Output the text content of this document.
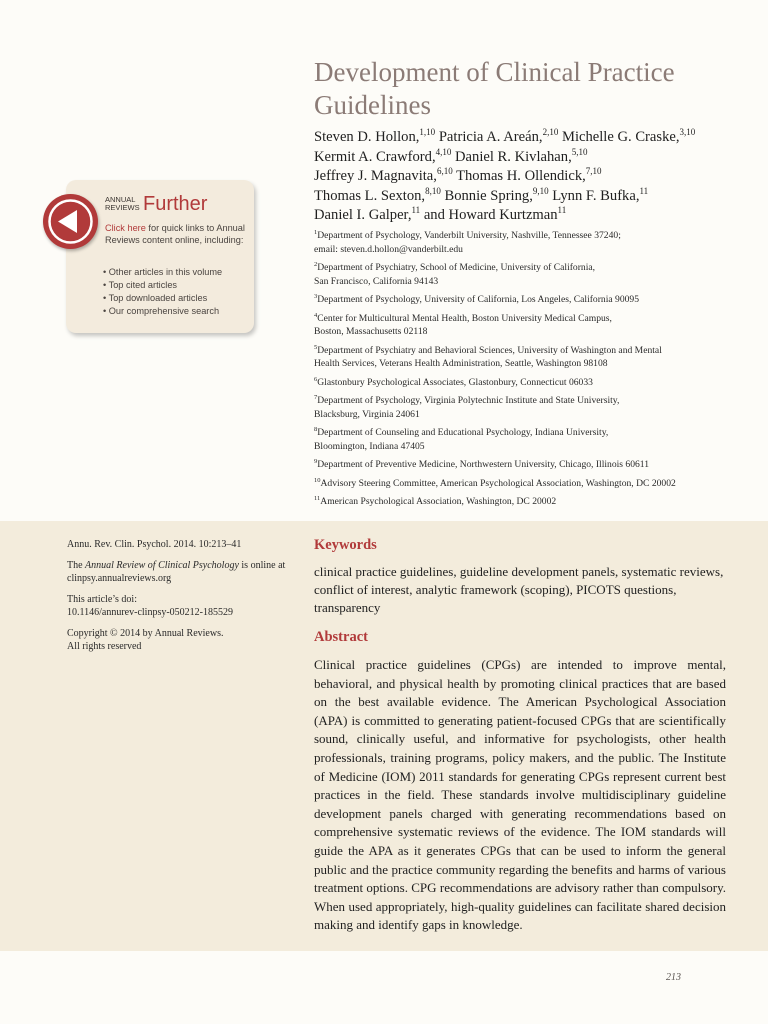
Development of Clinical Practice Guidelines
Steven D. Hollon,$^{1,10}$ Patricia A. Areán,$^{2,10}$ Michelle G. Craske,$^{3,10}$
Kermit A. Crawford,$^{4,10}$ Daniel R. Kivlahan,$^{5,10}$
Jeffrey J. Magnavita,$^{6,10}$ Thomas H. Ollendick,$^{7,10}$
Thomas L. Sexton,$^{8,10}$ Bonnie Spring,$^{9,10}$ Lynn F. Bufka,$^{11}$
Daniel I. Galper,$^{11}$ and Howard Kurtzman$^{11}$

$^1$Department of Psychology, Vanderbilt University, Nashville, Tennessee 37240;
email: steven.d.hollon@vanderbilt.edu

$^2$Department of Psychiatry, School of Medicine, University of California,
San Francisco, California 94143

$^3$Department of Psychology, University of California, Los Angeles, California 90095

$^4$Center for Multicultural Mental Health, Boston University Medical Campus,
Boston, Massachusetts 02118

$^5$Department of Psychiatry and Behavioral Sciences, University of Washington and Mental
Health Services, Veterans Health Administration, Seattle, Washington 98108

$^6$Glastonbury Psychological Associates, Glastonbury, Connecticut 06033

$^7$Department of Psychology, Virginia Polytechnic Institute and State University,
Blacksburg, Virginia 24061

$^8$Department of Counseling and Educational Psychology, Indiana University,
Bloomington, Indiana 47405

$^9$Department of Preventive Medicine, Northwestern University, Chicago, Illinois 60611

$^{10}$Advisory Steering Committee, American Psychological Association, Washington, DC 20002

$^{11}$American Psychological Association, Washington, DC 20002

ANNUAL
REVIEWS Further
Click here for quick links to Annual Reviews content online, including:
• Other articles in this volume
• Top cited articles
• Top downloaded articles
• Our comprehensive search

Annu. Rev. Clin. Psychol. 2014. 10:213–41

The Annual Review of Clinical Psychology is online at clinpsy.annualreviews.org

This article’s doi:
10.1146/annurev-clinpsy-050212-185529

Copyright © 2014 by Annual Reviews.
All rights reserved

Keywords
clinical practice guidelines, guideline development panels, systematic reviews, conflict of interest, analytic framework (scoping), PICOTS questions, transparency
Abstract
Clinical practice guidelines (CPGs) are intended to improve mental, behavioral, and physical health by promoting clinical practices that are based on the best available evidence. The American Psychological Association (APA) is committed to generating patient-focused CPGs that are scientifically sound, clinically useful, and informative for psychologists, other health professionals, training programs, policy makers, and the public. The Institute of Medicine (IOM) 2011 standards for generating CPGs represent current best practices in the field. These standards involve multidisciplinary guideline development panels charged with generating recommendations based on comprehensive systematic reviews of the evidence. The IOM standards will guide the APA as it generates CPGs that can be used to inform the general public and the practice community regarding the benefits and harms of various treatment options. CPG recommendations are advisory rather than compulsory. When used appropriately, high-quality guidelines can facilitate shared decision making and identify gaps in knowledge.
213
